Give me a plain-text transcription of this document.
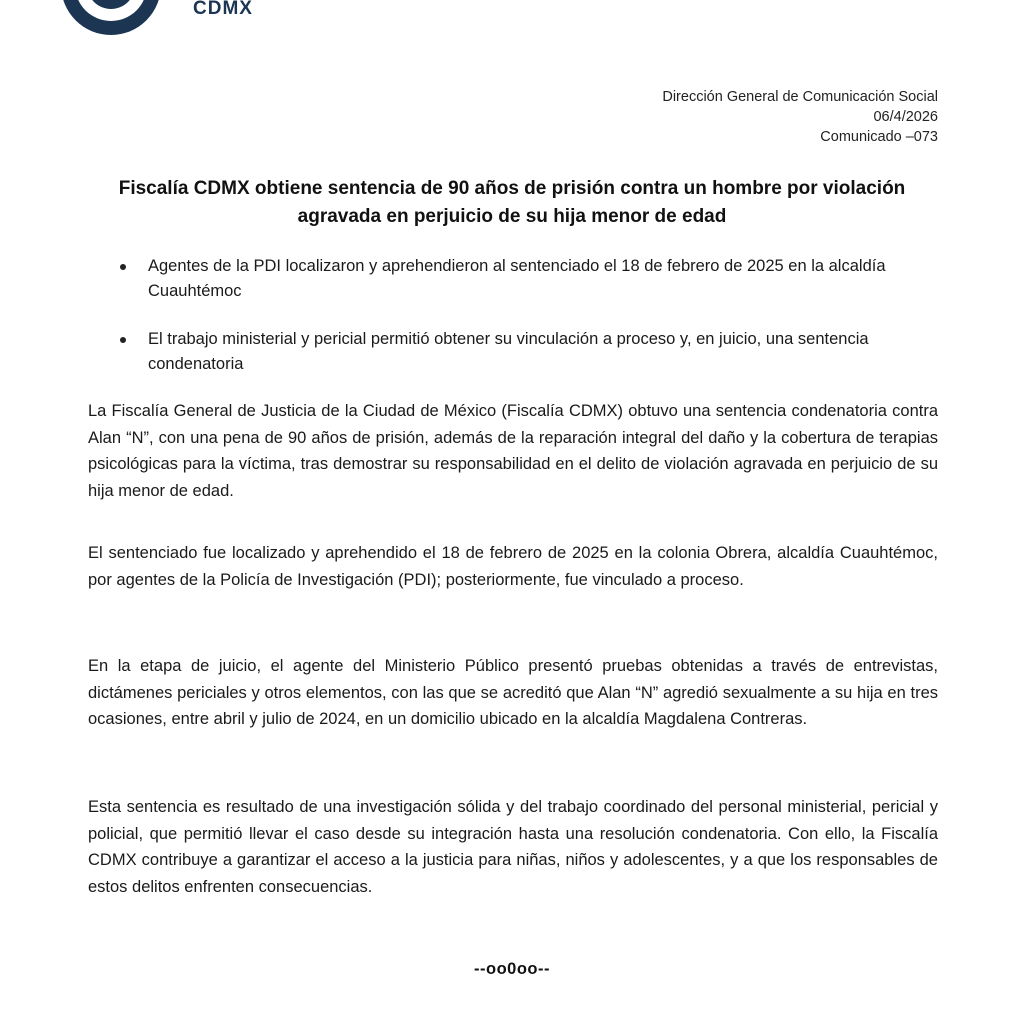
CDMX
Dirección General de Comunicación Social
06/4/2026
Comunicado –073
Fiscalía CDMX obtiene sentencia de 90 años de prisión contra un hombre por violación agravada en perjuicio de su hija menor de edad
Agentes de la PDI localizaron y aprehendieron al sentenciado el 18 de febrero de 2025 en la alcaldía Cuauhtémoc
El trabajo ministerial y pericial permitió obtener su vinculación a proceso y, en juicio, una sentencia condenatoria

La Fiscalía General de Justicia de la Ciudad de México (Fiscalía CDMX) obtuvo una sentencia condenatoria contra Alan “N”, con una pena de 90 años de prisión, además de la reparación integral del daño y la cobertura de terapias psicológicas para la víctima, tras demostrar su responsabilidad en el delito de violación agravada en perjuicio de su hija menor de edad.

El sentenciado fue localizado y aprehendido el 18 de febrero de 2025 en la colonia Obrera, alcaldía Cuauhtémoc, por agentes de la Policía de Investigación (PDI); posteriormente, fue vinculado a proceso.

En la etapa de juicio, el agente del Ministerio Público presentó pruebas obtenidas a través de entrevistas, dictámenes periciales y otros elementos, con las que se acreditó que Alan “N” agredió sexualmente a su hija en tres ocasiones, entre abril y julio de 2024, en un domicilio ubicado en la alcaldía Magdalena Contreras.

Esta sentencia es resultado de una investigación sólida y del trabajo coordinado del personal ministerial, pericial y policial, que permitió llevar el caso desde su integración hasta una resolución condenatoria. Con ello, la Fiscalía CDMX contribuye a garantizar el acceso a la justicia para niñas, niños y adolescentes, y a que los responsables de estos delitos enfrenten consecuencias.

--oo0oo--
